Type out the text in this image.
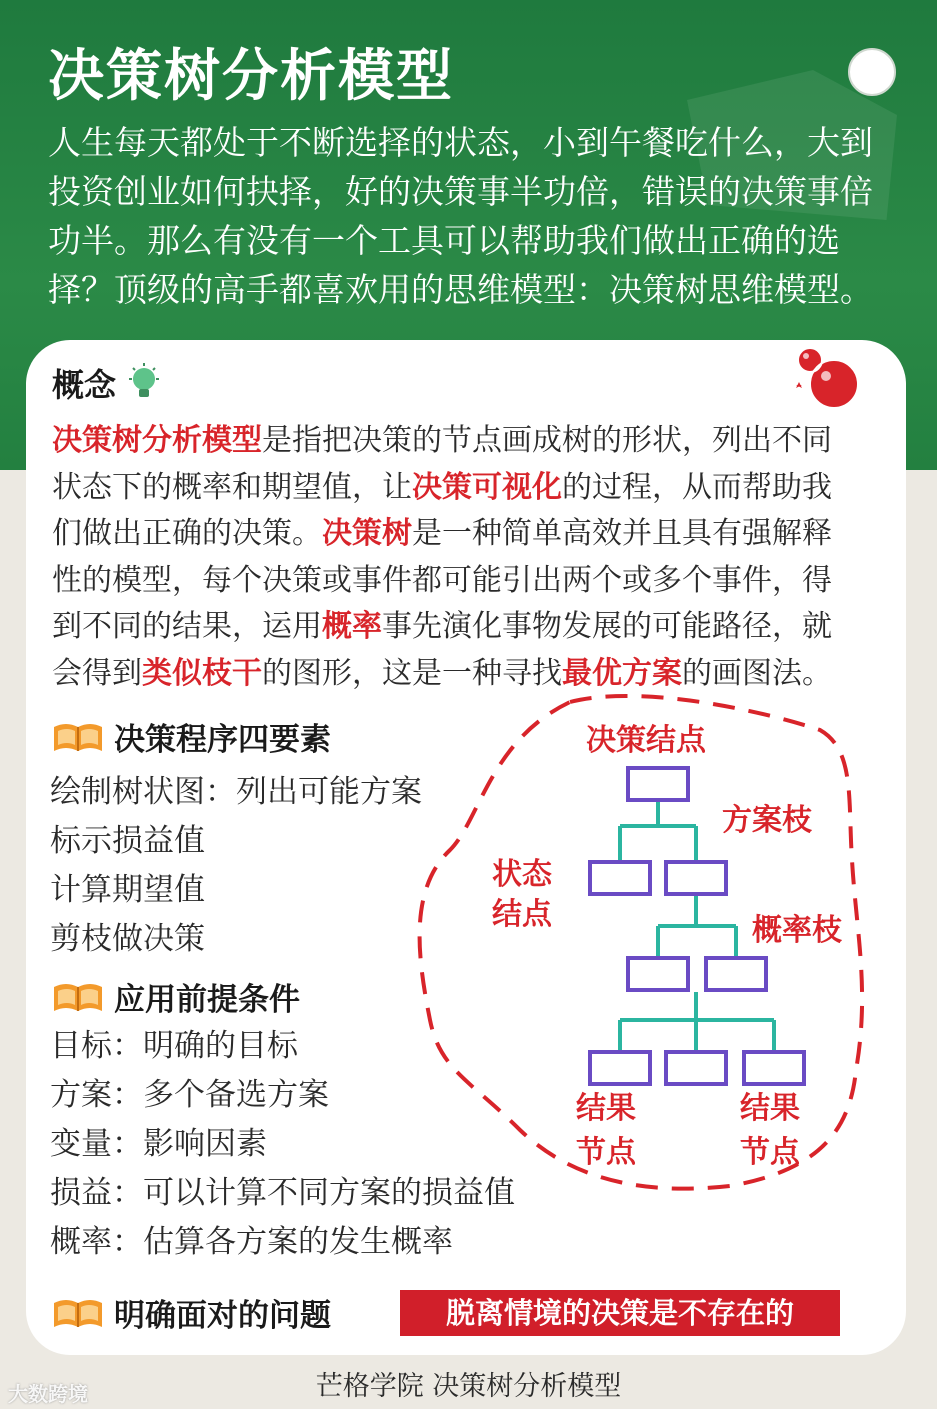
决策树分析模型

人生每天都处于不断选择的状态，小到午餐吃什么，大到

投资创业如何抉择，好的决策事半功倍，错误的决策事倍

功半。那么有没有一个工具可以帮助我们做出正确的选

择？顶级的高手都喜欢用的思维模型：决策树思维模型。

概念

决策树分析模型是指把决策的节点画成树的形状，列出不同

状态下的概率和期望值，让决策可视化的过程，从而帮助我

们做出正确的决策。决策树是一种简单高效并且具有强解释

性的模型，每个决策或事件都可能引出两个或多个事件，得

到不同的结果，运用概率事先演化事物发展的可能路径，就

会得到类似枝干的图形，这是一种寻找最优方案的画图法。

决策程序四要素
绘制树状图：列出可能方案
标示损益值
计算期望值
剪枝做决策
应用前提条件
目标：明确的目标
方案：多个备选方案
变量：影响因素
损益：可以计算不同方案的损益值
概率：估算各方案的发生概率
决策结点
方案枝
状态
结点	概率枝
结果
节点
结果
节点
明确面对的问题	脱离情境的决策是不存在的
芒格学院 决策树分析模型
大数跨境
